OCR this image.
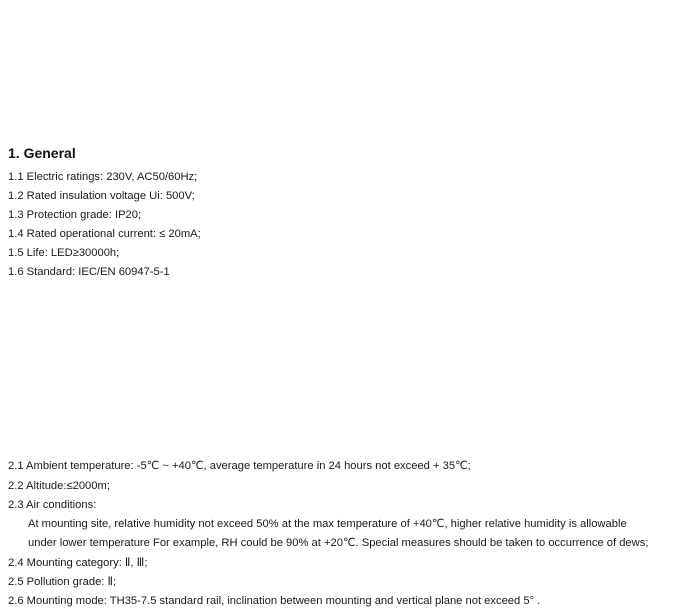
1. General
1.1 Electric ratings: 230V, AC50/60Hz;
1.2 Rated insulation voltage Ui: 500V;
1.3 Protection grade: IP20;
1.4 Rated operational current: ≤ 20mA;
1.5 Life: LED≥30000h;
1.6 Standard: IEC/EN 60947-5-1
2.1 Ambient temperature: -5℃ ~ +40℃, average temperature in 24 hours not exceed + 35℃;
2.2 Altitude:≤2000m;
2.3 Air conditions:
At mounting site, relative humidity not exceed 50% at the max temperature of +40℃, higher relative humidity is allowable
under lower temperature For example, RH could be 90% at +20℃. Special measures should be taken to occurrence of dews;
2.4 Mounting category: Ⅱ, Ⅲ;
2.5 Pollution grade: Ⅱ;
2.6 Mounting mode: TH35-7.5 standard rail, inclination between mounting and vertical plane not exceed 5° .
